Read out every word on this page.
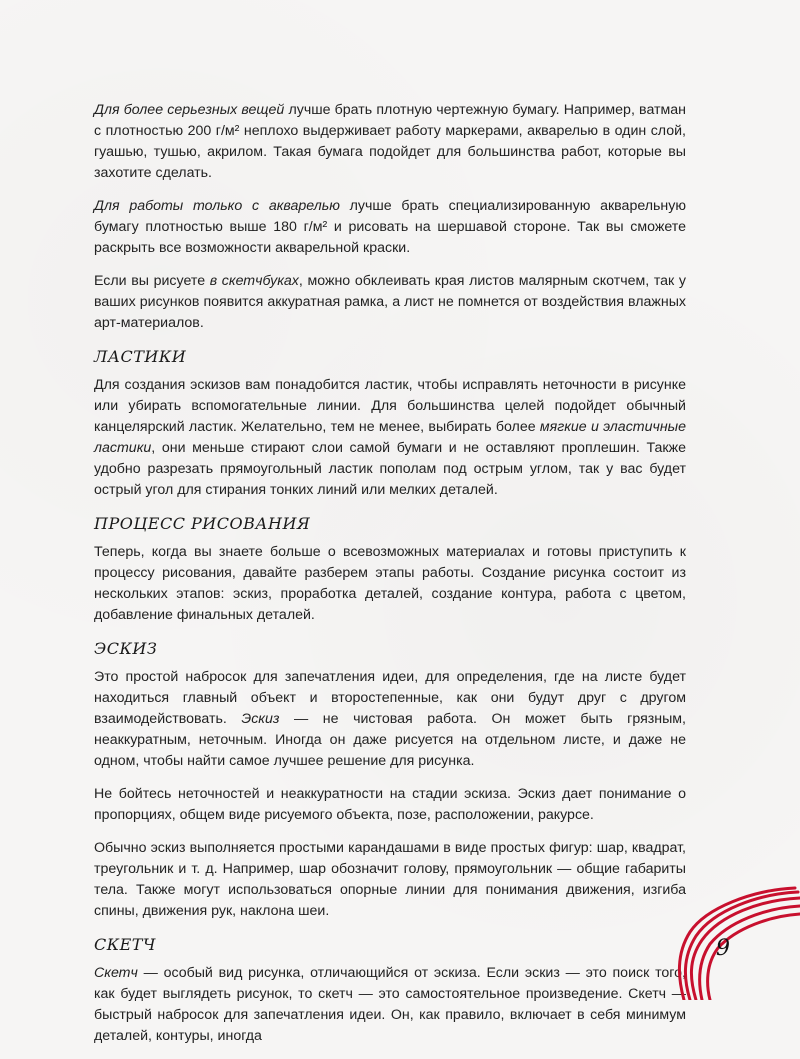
Для более серьезных вещей лучше брать плотную чертежную бумагу. Например, ватман с плотностью 200 г/м² неплохо выдерживает работу маркерами, акварелью в один слой, гуашью, тушью, акрилом. Такая бумага подойдет для большинства работ, которые вы захотите сделать.

Для работы только с акварелью лучше брать специализированную акварельную бумагу плотностью выше 180 г/м² и рисовать на шершавой стороне. Так вы сможете раскрыть все возможности акварельной краски.

Если вы рисуете в скетчбуках, можно обклеивать края листов малярным скотчем, так у ваших рисунков появится аккуратная рамка, а лист не помнется от воздействия влажных арт-материалов.

ЛАСТИКИ

Для создания эскизов вам понадобится ластик, чтобы исправлять неточности в рисунке или убирать вспомогательные линии. Для большинства целей подойдет обычный канцелярский ластик. Желательно, тем не менее, выбирать более мягкие и эластичные ластики, они меньше стирают слои самой бумаги и не оставляют проплешин. Также удобно разрезать прямоугольный ластик пополам под острым углом, так у вас будет острый угол для стирания тонких линий или мелких деталей.

ПРОЦЕСС РИСОВАНИЯ

Теперь, когда вы знаете больше о всевозможных материалах и готовы приступить к процессу рисования, давайте разберем этапы работы. Создание рисунка состоит из нескольких этапов: эскиз, проработка деталей, создание контура, работа с цветом, добавление финальных деталей.

ЭСКИЗ

Это простой набросок для запечатления идеи, для определения, где на листе будет находиться главный объект и второстепенные, как они будут друг с другом взаимодействовать. Эскиз — не чистовая работа. Он может быть грязным, неаккуратным, неточным. Иногда он даже рисуется на отдельном листе, и даже не одном, чтобы найти самое лучшее решение для рисунка.

Не бойтесь неточностей и неаккуратности на стадии эскиза. Эскиз дает понимание о пропорциях, общем виде рисуемого объекта, позе, расположении, ракурсе.

Обычно эскиз выполняется простыми карандашами в виде простых фигур: шар, квадрат, треугольник и т. д. Например, шар обозначит голову, прямоугольник — общие габариты тела. Также могут использоваться опорные линии для понимания движения, изгиба спины, движения рук, наклона шеи.

СКЕТЧ

Скетч — особый вид рисунка, отличающийся от эскиза. Если эскиз — это поиск того, как будет выглядеть рисунок, то скетч — это самостоятельное произведение. Скетч — быстрый набросок для запечатления идеи. Он, как правило, включает в себя минимум деталей, контуры, иногда

9
